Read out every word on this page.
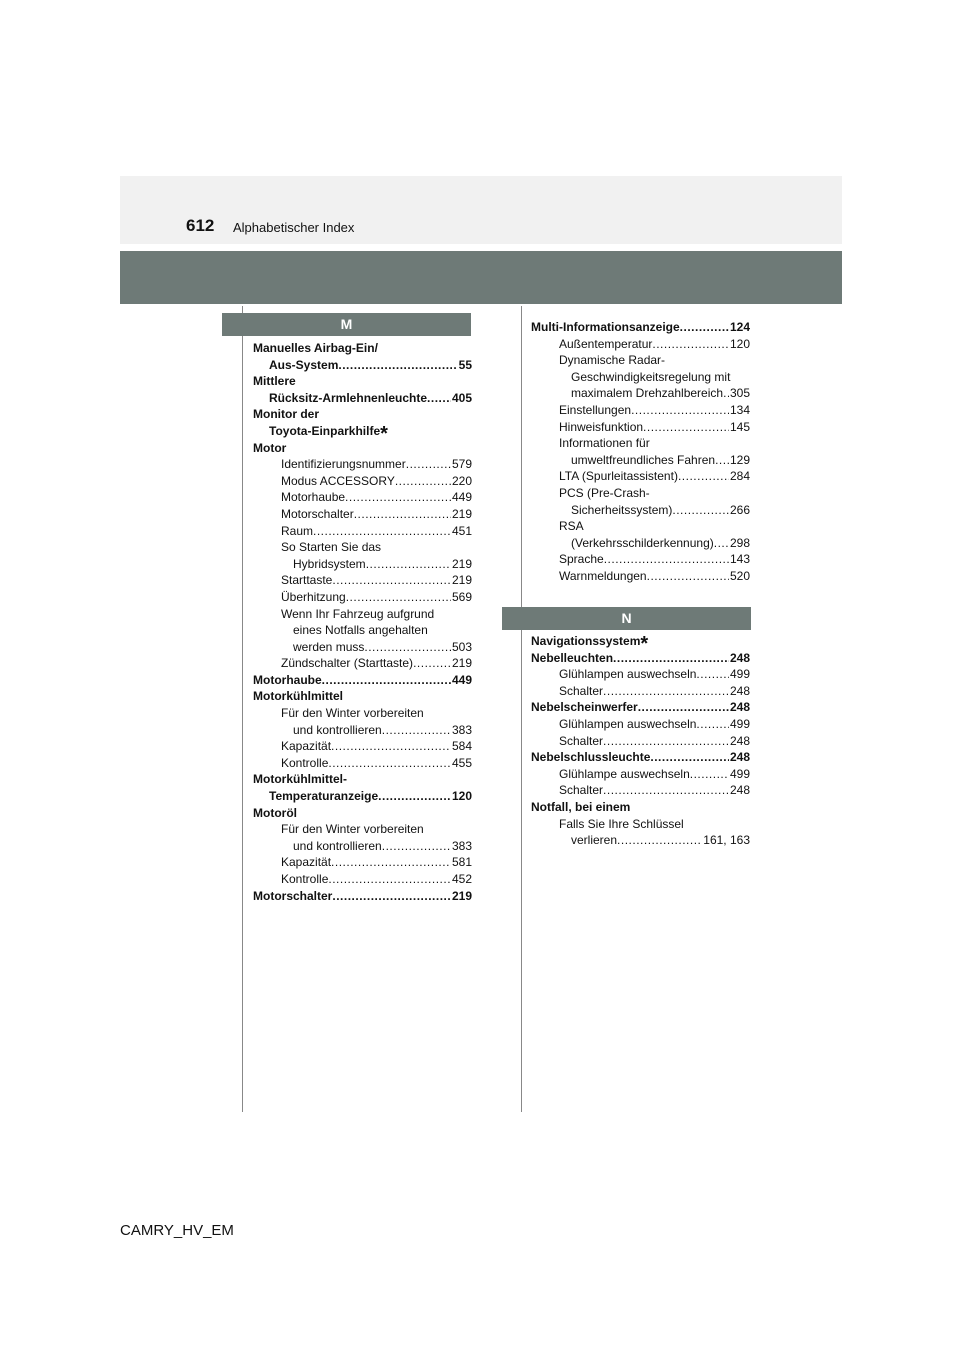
612 Alphabetischer Index
M
N
Manuelles Airbag-Ein/
Aus-System .....	55
Mittlere
Rücksitz-Armlehnenleuchte ..... 405
Monitor der
Toyota-Einparkhilfe*
Motor
Identifizierungsnummer .....	579
Modus ACCESSORY .....	220
Motorhaube .....	449
Motorschalter .....	219
Raum .....	451
So Starten Sie das
Hybridsystem .....	219
Starttaste .....	219
Überhitzung .....	569
Wenn Ihr Fahrzeug aufgrund
eines Notfalls angehalten
werden muss .....	503
Zündschalter (Starttaste) .....	219
Motorhaube .....	449
Motorkühlmittel
Für den Winter vorbereiten
und kontrollieren .....	383
Kapazität .....	584
Kontrolle .....	455
Motorkühlmittel-
Temperaturanzeige .....	120
Motoröl
Für den Winter vorbereiten
und kontrollieren .....	383
Kapazität .....	581
Kontrolle .....	452
Motorschalter .....	219
Multi-Informationsanzeige .....	124
Außentemperatur .....	120
Dynamische Radar-
Geschwindigkeitsregelung mit
maximalem Drehzahlbereich ..... 305
Einstellungen .....	134
Hinweisfunktion .....	145
Informationen für
umweltfreundliches Fahren ..... 129
LTA (Spurleitassistent) .....	284
PCS (Pre-Crash-
Sicherheitssystem) .....	266
RSA
(Verkehrsschilderkennung) ..... 298
Sprache .....	143
Warnmeldungen .....	520
Navigationssystem*
Nebelleuchten .....	248
Glühlampen auswechseln .....	499
Schalter .....	248
Nebelscheinwerfer .....	248
Glühlampen auswechseln .....	499
Schalter .....	248
Nebelschlussleuchte .....	248
Glühlampe auswechseln .....	499
Schalter .....	248
Notfall, bei einem
Falls Sie Ihre Schlüssel
verlieren .....	161, 163
CAMRY_HV_EM
